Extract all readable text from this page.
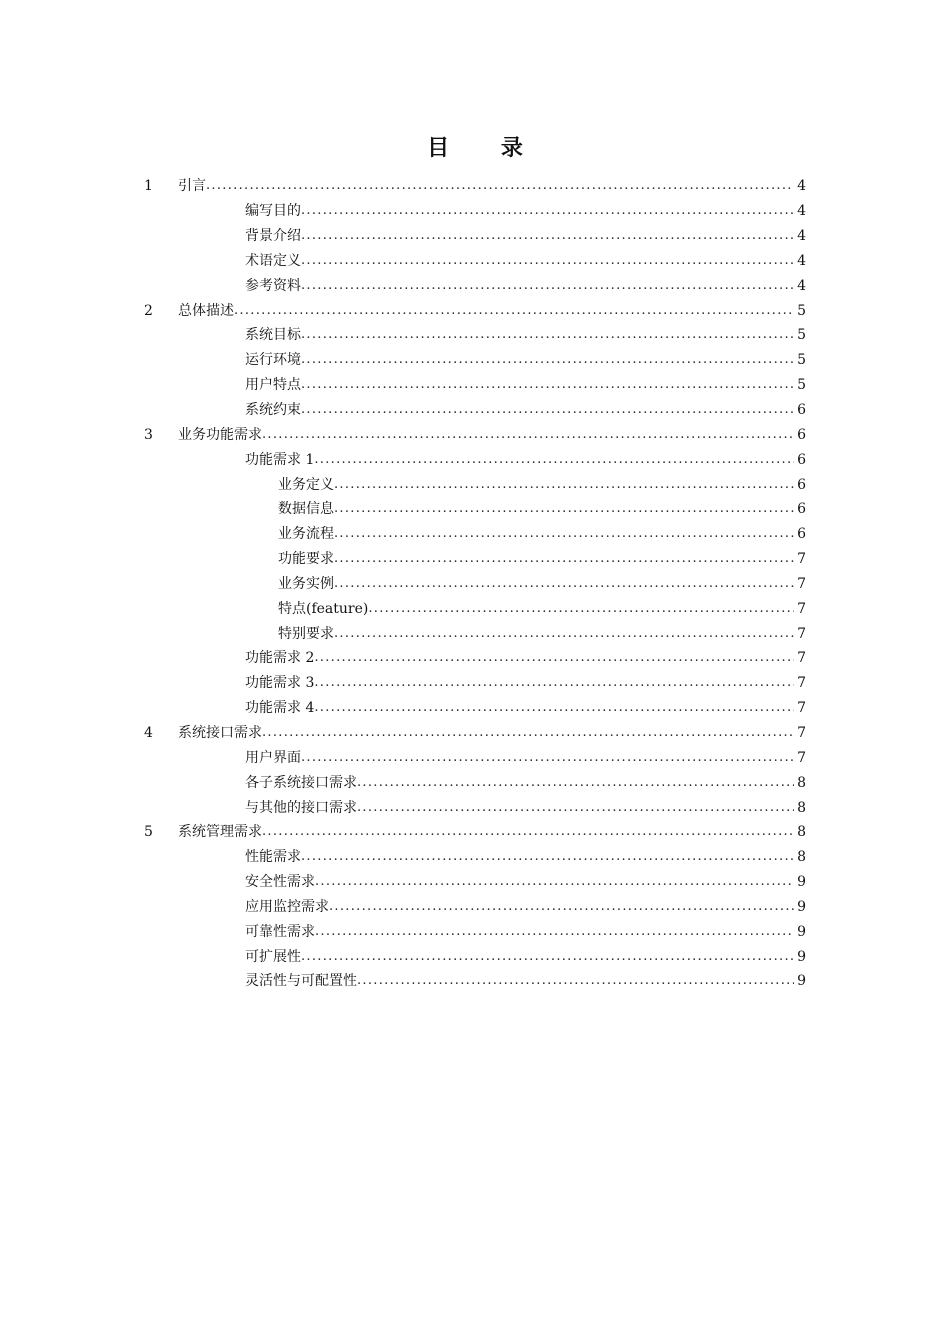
目 录
1	引言 .....	4
编写目的 .....	4
背景介绍 .....	4
术语定义 .....	4
参考资料 .....	4
2	总体描述 .....	5
系统目标 .....	5
运行环境 .....	5
用户特点 .....	5
系统约束 .....	6
3	业务功能需求 .....	6
功能需求 1 .....	6
业务定义 .....	6
数据信息 .....	6
业务流程 .....	6
功能要求 .....	7
业务实例 .....	7
特点(feature) .....	7
特别要求 .....	7
功能需求 2 .....	7
功能需求 3 .....	7
功能需求 4 .....	7
4	系统接口需求 .....	7
用户界面 .....	7
各子系统接口需求 .....	8
与其他的接口需求 .....	8
5	系统管理需求 .....	8
性能需求 .....	8
安全性需求 .....	9
应用监控需求 .....	9
可靠性需求 .....	9
可扩展性 .....	9
灵活性与可配置性 .....	9
